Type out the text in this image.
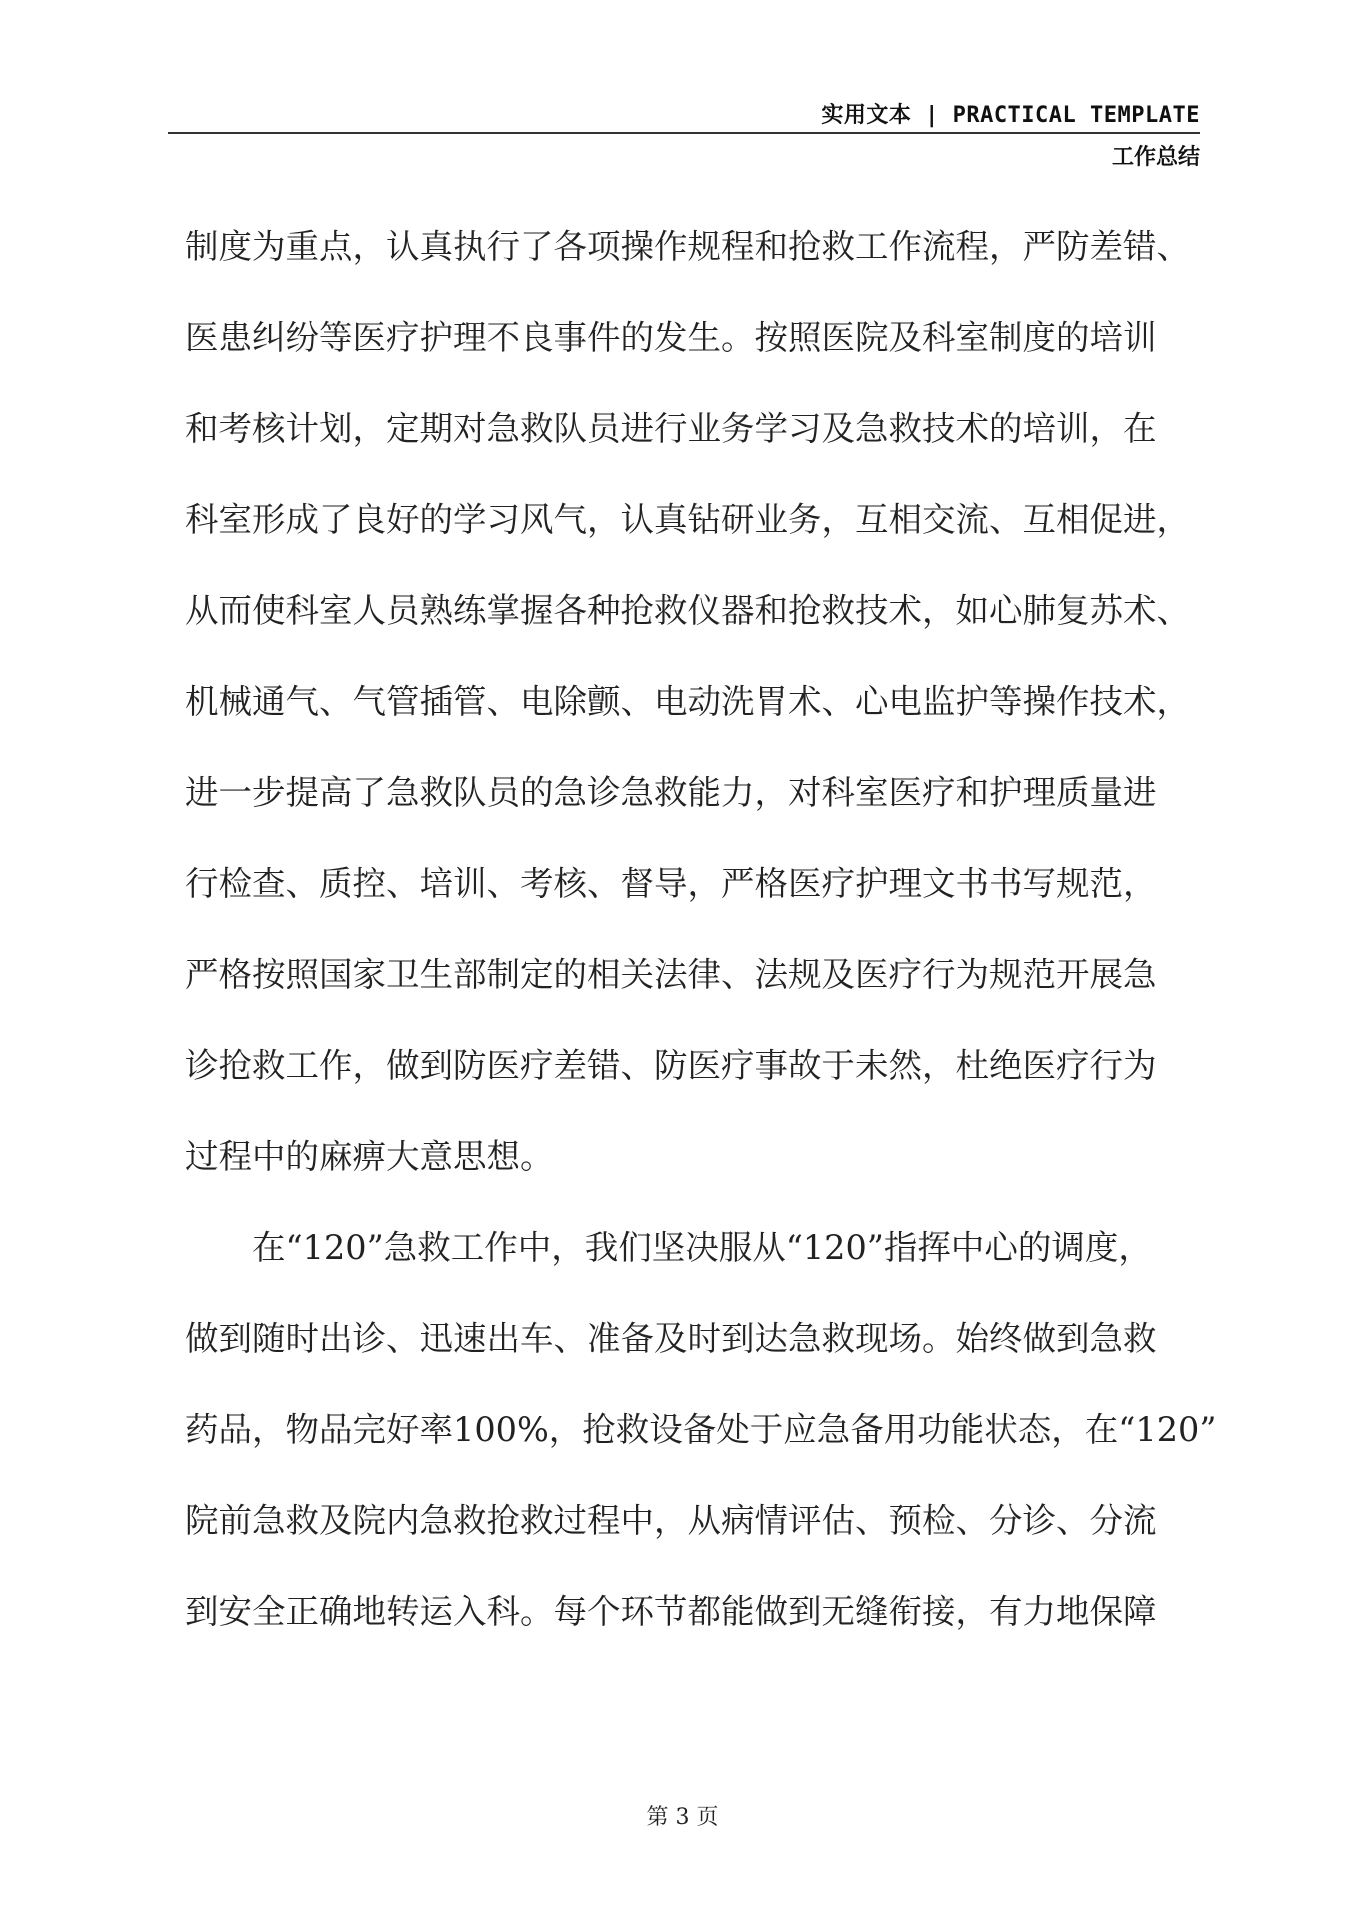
实用文本 | PRACTICAL TEMPLATE
工作总结
制度为重点，认真执行了各项操作规程和抢救工作流程，严防差错、
医患纠纷等医疗护理不良事件的发生。按照医院及科室制度的培训
和考核计划，定期对急救队员进行业务学习及急救技术的培训，在
科室形成了良好的学习风气，认真钻研业务，互相交流、互相促进，
从而使科室人员熟练掌握各种抢救仪器和抢救技术，如心肺复苏术、
机械通气、气管插管、电除颤、电动洗胃术、心电监护等操作技术，
进一步提高了急救队员的急诊急救能力，对科室医疗和护理质量进
行检查、质控、培训、考核、督导，严格医疗护理文书书写规范，
严格按照国家卫生部制定的相关法律、法规及医疗行为规范开展急
诊抢救工作，做到防医疗差错、防医疗事故于未然，杜绝医疗行为
过程中的麻痹大意思想。
在“120”急救工作中，我们坚决服从“120”指挥中心的调度，
做到随时出诊、迅速出车、准备及时到达急救现场。始终做到急救
药品，物品完好率100%，抢救设备处于应急备用功能状态，在“120”
院前急救及院内急救抢救过程中，从病情评估、预检、分诊、分流
到安全正确地转运入科。每个环节都能做到无缝衔接，有力地保障
第 3 页
